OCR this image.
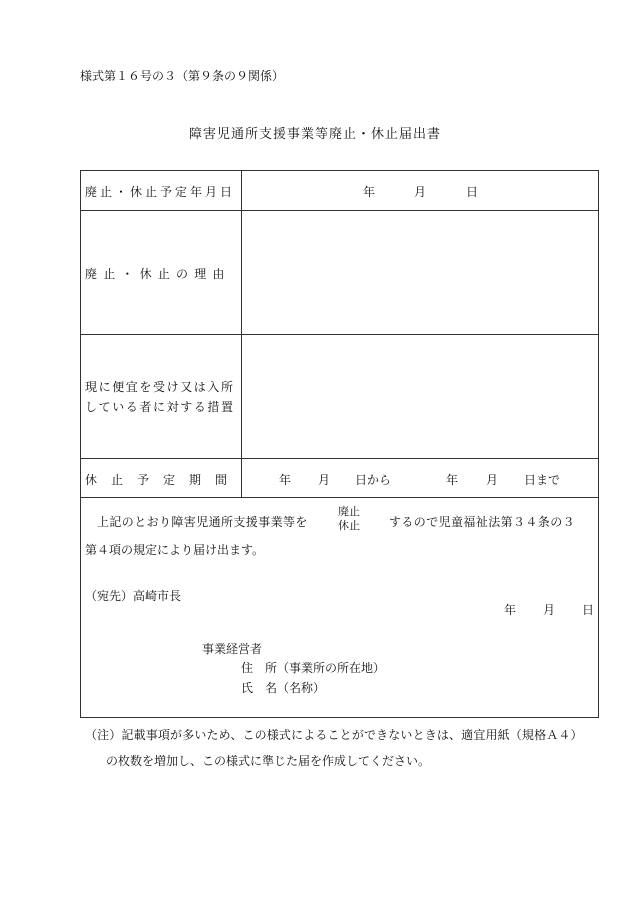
様式第１６号の３（第９条の９関係）
障害児通所支援事業等廃止・休止届出書
廃止・休止予定年月日	年	月	日
廃止・休止の理由
現に便宜を受け又は入所
している者に対する措置
休止予定期間	年 月 日から	年 月 日まで
上記のとおり障害児通所支援事業等を
廃止
休止 するので児童福祉法第３４条の３
第４項の規定により届け出ます。
（宛先）高崎市長
年 月 日
事業経営者
住　所（事業所の所在地）
氏　名（名称）
（注）記載事項が多いため、この様式によることができないときは、適宜用紙（規格Ａ４）
の枚数を増加し、この様式に準じた届を作成してください。
